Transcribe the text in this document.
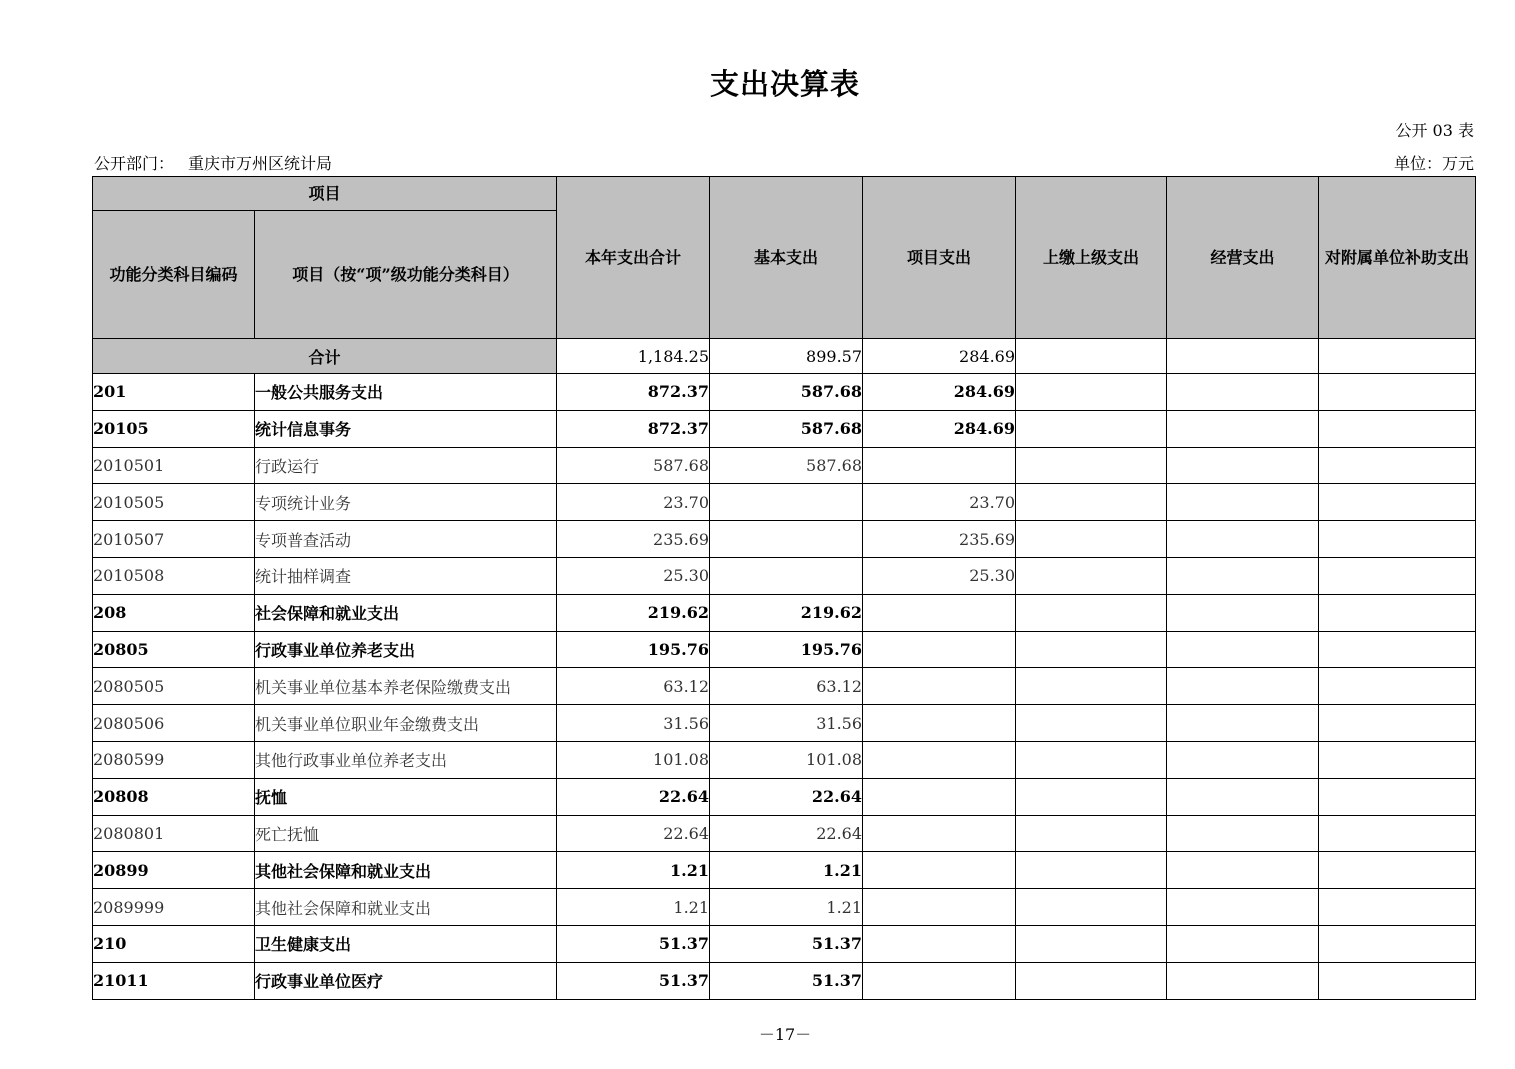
支出决算表
公开 03 表
公开部门： 重庆市万州区统计局	单位：万元
项目		本年支出合计	基本支出	项目支出	上缴上级支出	经营支出	对附属单位补助支出
功能分类科目编码	项目（按“项”级功能分类科目）						
合计		1,184.25	899.57	284.69			
201	一般公共服务支出	872.37	587.68	284.69			
20105	统计信息事务	872.37	587.68	284.69			
2010501	行政运行	587.68	587.68				
2010505	专项统计业务	23.70		23.70			
2010507	专项普查活动	235.69		235.69			
2010508	统计抽样调查	25.30		25.30			
208	社会保障和就业支出	219.62	219.62				
20805	行政事业单位养老支出	195.76	195.76				
2080505	机关事业单位基本养老保险缴费支出	63.12	63.12				
2080506	机关事业单位职业年金缴费支出	31.56	31.56				
2080599	其他行政事业单位养老支出	101.08	101.08				
20808	抚恤	22.64	22.64				
2080801	死亡抚恤	22.64	22.64				
20899	其他社会保障和就业支出	1.21	1.21				
2089999	其他社会保障和就业支出	1.21	1.21				
210	卫生健康支出	51.37	51.37				
21011	行政事业单位医疗	51.37	51.37				
－17－
